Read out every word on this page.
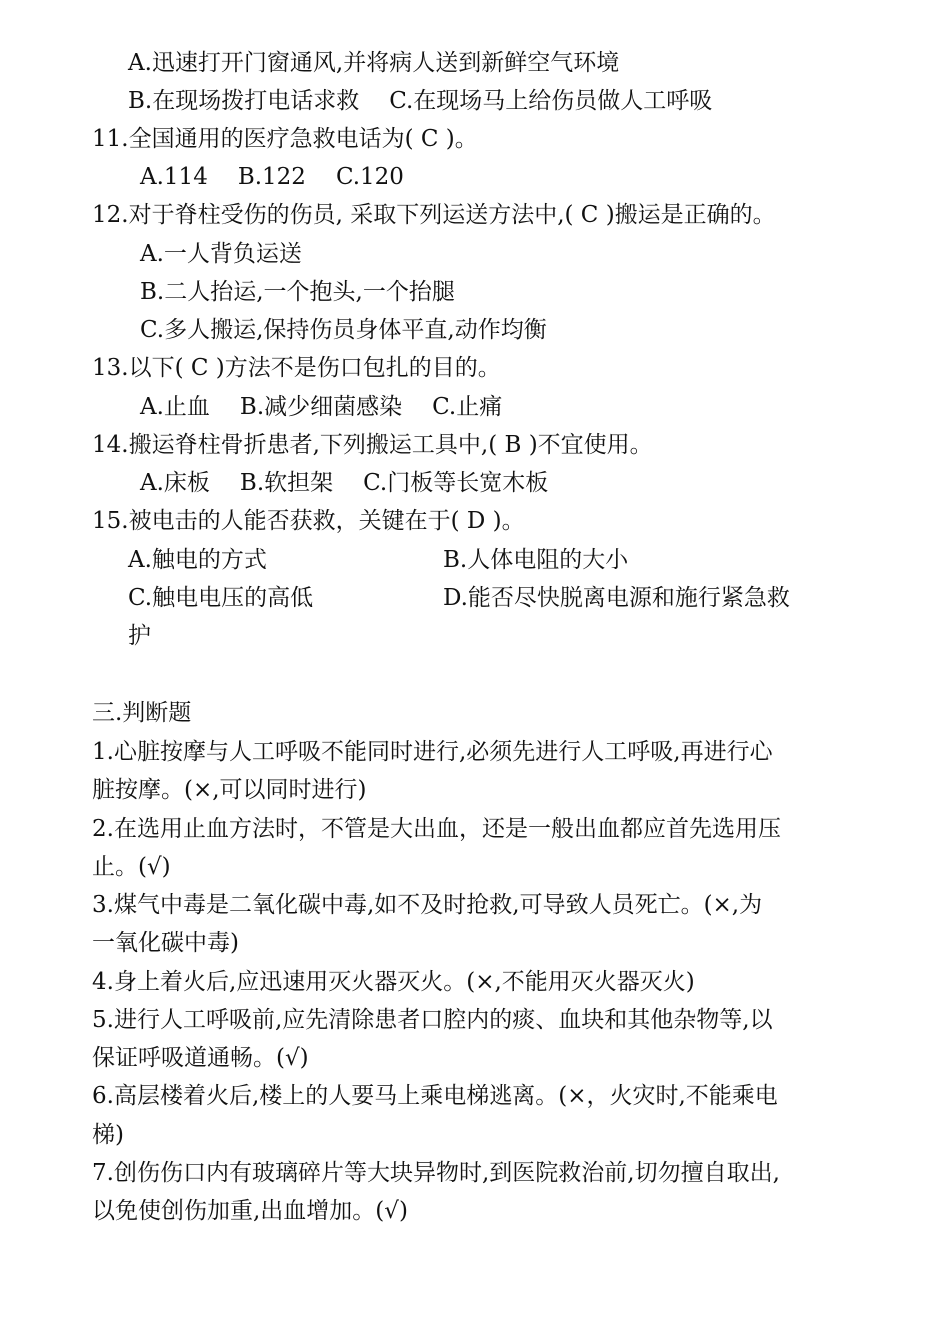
A.迅速打开门窗通风,并将病人送到新鲜空气环境
B.在现场拨打电话求救 C.在现场马上给伤员做人工呼吸
11.全国通用的医疗急救电话为( C )。
A.114 B.122 C.120
12.对于脊柱受伤的伤员, 采取下列运送方法中,( C )搬运是正确的。
A.一人背负运送
B.二人抬运,一个抱头,一个抬腿
C.多人搬运,保持伤员身体平直,动作均衡
13.以下( C )方法不是伤口包扎的目的。
A.止血 B.减少细菌感染 C.止痛
14.搬运脊柱骨折患者,下列搬运工具中,( B )不宜使用。
A.床板 B.软担架 C.门板等长宽木板
15.被电击的人能否获救，关键在于( D )。
A.触电的方式	B.人体电阻的大小
C.触电电压的高低	D.能否尽快脱离电源和施行紧急救
护
三.判断题
1.心脏按摩与人工呼吸不能同时进行,必须先进行人工呼吸,再进行心
脏按摩。(×,可以同时进行)
2.在选用止血方法时，不管是大出血，还是一般出血都应首先选用压
止。(√)
3.煤气中毒是二氧化碳中毒,如不及时抢救,可导致人员死亡。(×,为
一氧化碳中毒)
4.身上着火后,应迅速用灭火器灭火。(×,不能用灭火器灭火)
5.进行人工呼吸前,应先清除患者口腔内的痰、血块和其他杂物等,以
保证呼吸道通畅。(√)
6.高层楼着火后,楼上的人要马上乘电梯逃离。(×，火灾时,不能乘电
梯)
7.创伤伤口内有玻璃碎片等大块异物时,到医院救治前,切勿擅自取出,
以免使创伤加重,出血增加。(√)
